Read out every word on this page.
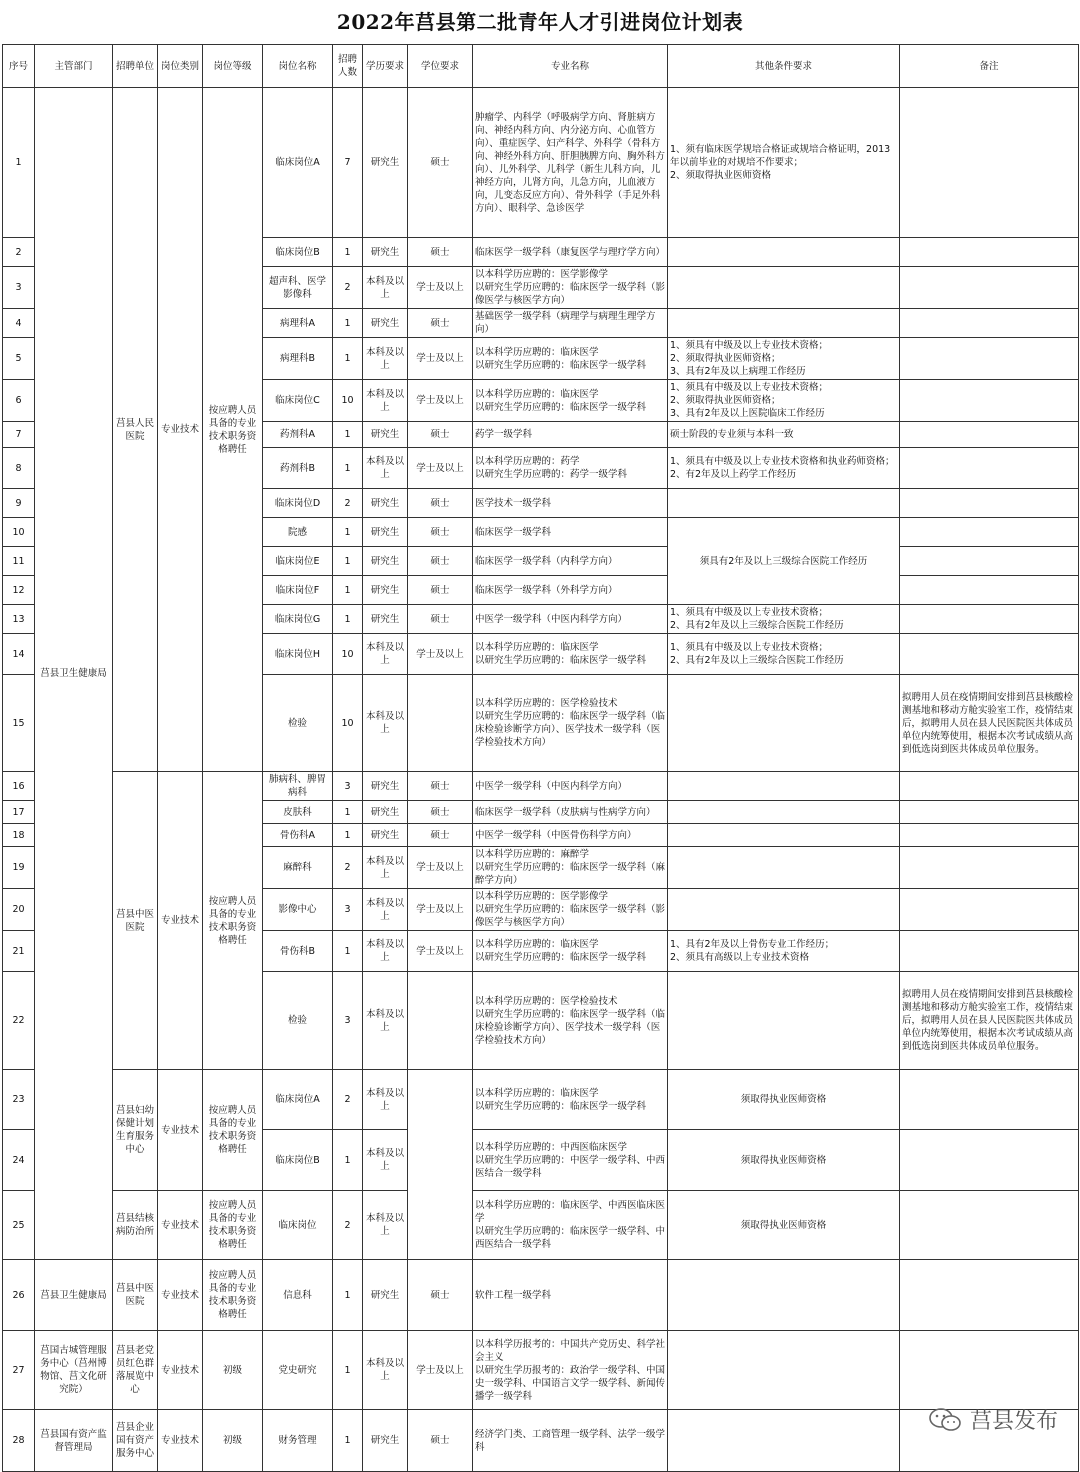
2022年莒县第二批青年人才引进岗位计划表
序号	主管部门	招聘单位	岗位类别	岗位等级	岗位名称	招聘人数	学历要求	学位要求	专业名称	其他条件要求	备注
1	莒县卫生健康局	莒县人民医院	专业技术	按应聘人员具备的专业技术职务资格聘任	临床岗位A	7	研究生	硕士	肿瘤学、内科学（呼吸病学方向、肾脏病方向、神经内科方向、内分泌方向、心血管方向）、重症医学、妇产科学、外科学（骨科方向、神经外科方向、肝胆胰脾方向、胸外科方向）、儿外科学、儿科学（新生儿科方向，儿神经方向，儿肾方向，儿急方向，儿血液方向，儿变态反应方向）、骨外科学（手足外科方向）、眼科学、急诊医学	1、须有临床医学规培合格证或规培合格证明，2013年以前毕业的对规培不作要求；
2、须取得执业医师资格	
2					临床岗位B	1	研究生	硕士	临床医学一级学科（康复医学与理疗学方向）		
3					超声科、医学影像科	2	本科及以上	学士及以上	以本科学历应聘的：医学影像学
以研究生学历应聘的：临床医学一级学科（影像医学与核医学方向）		
4					病理科A	1	研究生	硕士	基础医学一级学科（病理学与病理生理学方向）		
5					病理科B	1	本科及以上	学士及以上	以本科学历应聘的：临床医学
以研究生学历应聘的：临床医学一级学科	1、须具有中级及以上专业技术资格；
2、须取得执业医师资格；
3、具有2年及以上病理工作经历	
6					临床岗位C	10	本科及以上	学士及以上	以本科学历应聘的：临床医学
以研究生学历应聘的：临床医学一级学科	1、须具有中级及以上专业技术资格；
2、须取得执业医师资格；
3、具有2年及以上医院临床工作经历	
7					药剂科A	1	研究生	硕士	药学一级学科	硕士阶段的专业须与本科一致	
8					药剂科B	1	本科及以上	学士及以上	以本科学历应聘的：药学
以研究生学历应聘的：药学一级学科	1、须具有中级及以上专业技术资格和执业药师资格；
2、有2年及以上药学工作经历	
9					临床岗位D	2	研究生	硕士	医学技术一级学科		
10					院感	1	研究生	硕士	临床医学一级学科	须具有2年及以上三级综合医院工作经历	
11					临床岗位E	1	研究生	硕士	临床医学一级学科（内科学方向）		
12					临床岗位F	1	研究生	硕士	临床医学一级学科（外科学方向）		
13					临床岗位G	1	研究生	硕士	中医学一级学科（中医内科学方向）	1、须具有中级及以上专业技术资格；
2、具有2年及以上三级综合医院工作经历	
14					临床岗位H	10	本科及以上	学士及以上	以本科学历应聘的：临床医学
以研究生学历应聘的：临床医学一级学科	1、须具有中级及以上专业技术资格；
2、具有2年及以上三级综合医院工作经历	
15					检验	10	本科及以上		以本科学历应聘的：医学检验技术
以研究生学历应聘的：临床医学一级学科（临床检验诊断学方向）、医学技术一级学科（医学检验技术方向）		拟聘用人员在疫情期间安排到莒县核酸检测基地和移动方舱实验室工作，疫情结束后，拟聘用人员在县人民医院医共体成员单位内统筹使用，根据本次考试成绩从高到低选岗到医共体成员单位服务。
16		莒县中医医院	专业技术	按应聘人员具备的专业技术职务资格聘任	肺病科、脾胃病科	3	研究生	硕士	中医学一级学科（中医内科学方向）		
17					皮肤科	1	研究生	硕士	临床医学一级学科（皮肤病与性病学方向）		
18					骨伤科A	1	研究生	硕士	中医学一级学科（中医骨伤科学方向）		
19					麻醉科	2	本科及以上	学士及以上	以本科学历应聘的：麻醉学
以研究生学历应聘的：临床医学一级学科（麻醉学方向）		
20					影像中心	3	本科及以上	学士及以上	以本科学历应聘的：医学影像学
以研究生学历应聘的：临床医学一级学科（影像医学与核医学方向）		
21					骨伤科B	1	本科及以上	学士及以上	以本科学历应聘的：临床医学
以研究生学历应聘的：临床医学一级学科	1、具有2年及以上骨伤专业工作经历；
2、须具有高级以上专业技术资格	
22					检验	3	本科及以上		以本科学历应聘的：医学检验技术
以研究生学历应聘的：临床医学一级学科（临床检验诊断学方向）、医学技术一级学科（医学检验技术方向）		拟聘用人员在疫情期间安排到莒县核酸检测基地和移动方舱实验室工作，疫情结束后，拟聘用人员在县人民医院医共体成员单位内统筹使用，根据本次考试成绩从高到低选岗到医共体成员单位服务。
23		莒县妇幼保健计划生育服务中心	专业技术	按应聘人员具备的专业技术职务资格聘任	临床岗位A	2	本科及以上		以本科学历应聘的：临床医学
以研究生学历应聘的：临床医学一级学科	须取得执业医师资格	
24					临床岗位B	1	本科及以上		以本科学历应聘的：中西医临床医学
以研究生学历应聘的：中医学一级学科、中西医结合一级学科	须取得执业医师资格	
25		莒县结核病防治所	专业技术	按应聘人员具备的专业技术职务资格聘任	临床岗位	2	本科及以上		以本科学历应聘的：临床医学、中西医临床医学
以研究生学历应聘的：临床医学一级学科、中西医结合一级学科	须取得执业医师资格	
26	莒县卫生健康局	莒县中医医院	专业技术	按应聘人员具备的专业技术职务资格聘任	信息科	1	研究生	硕士	软件工程一级学科		
27	莒国古城管理服务中心（莒州博物馆、莒文化研究院）	莒县老党员红色群落展览中心	专业技术	初级	党史研究	1	本科及以上	学士及以上	以本科学历报考的：中国共产党历史、科学社会主义
以研究生学历报考的：政治学一级学科、中国史一级学科、中国语言文学一级学科、新闻传播学一级学科		
28	莒县国有资产监督管理局	莒县企业国有资产服务中心	专业技术	初级	财务管理	1	研究生	硕士	经济学门类、工商管理一级学科、法学一级学科		
莒县发布
